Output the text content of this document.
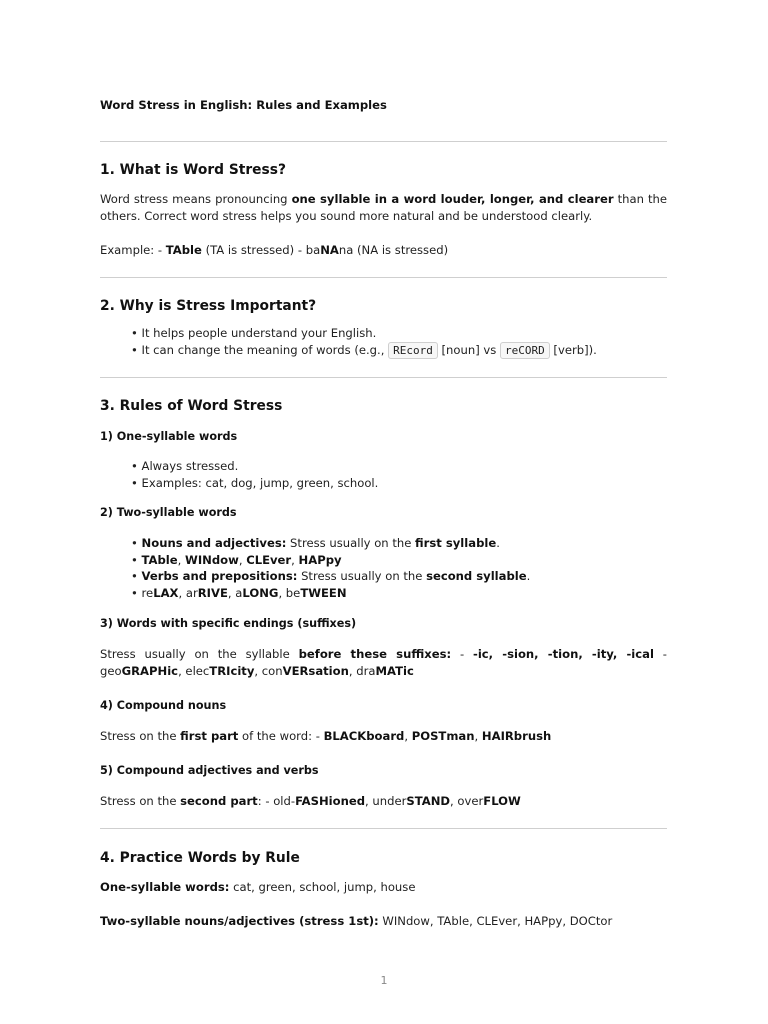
Word Stress in English: Rules and Examples

1. What is Word Stress?

Word stress means pronouncing one syllable in a word louder, longer, and clearer than the others. Correct word stress helps you sound more natural and be understood clearly.

Example: - TAble (TA is stressed) - baNAna (NA is stressed)

2. Why is Stress Important?
• It helps people understand your English.
• It can change the meaning of words (e.g., REcord [noun] vs reCORD [verb]).
3. Rules of Word Stress
1) One-syllable words
• Always stressed.
• Examples: cat, dog, jump, green, school.
2) Two-syllable words
• Nouns and adjectives: Stress usually on the first syllable.
• TAble, WINdow, CLEver, HAPpy
• Verbs and prepositions: Stress usually on the second syllable.
• reLAX, arRIVE, aLONG, beTWEEN
3) Words with specific endings (suffixes)

Stress usually on the syllable before these suffixes: - -ic, -sion, -tion, -ity, -ical - geoGRAPHic, elecTRIcity, conVERsation, draMATic

4) Compound nouns

Stress on the first part of the word: - BLACKboard, POSTman, HAIRbrush

5) Compound adjectives and verbs

Stress on the second part: - old-FASHioned, underSTAND, overFLOW

4. Practice Words by Rule

One-syllable words: cat, green, school, jump, house

Two-syllable nouns/adjectives (stress 1st): WINdow, TAble, CLEver, HAPpy, DOCtor

1
